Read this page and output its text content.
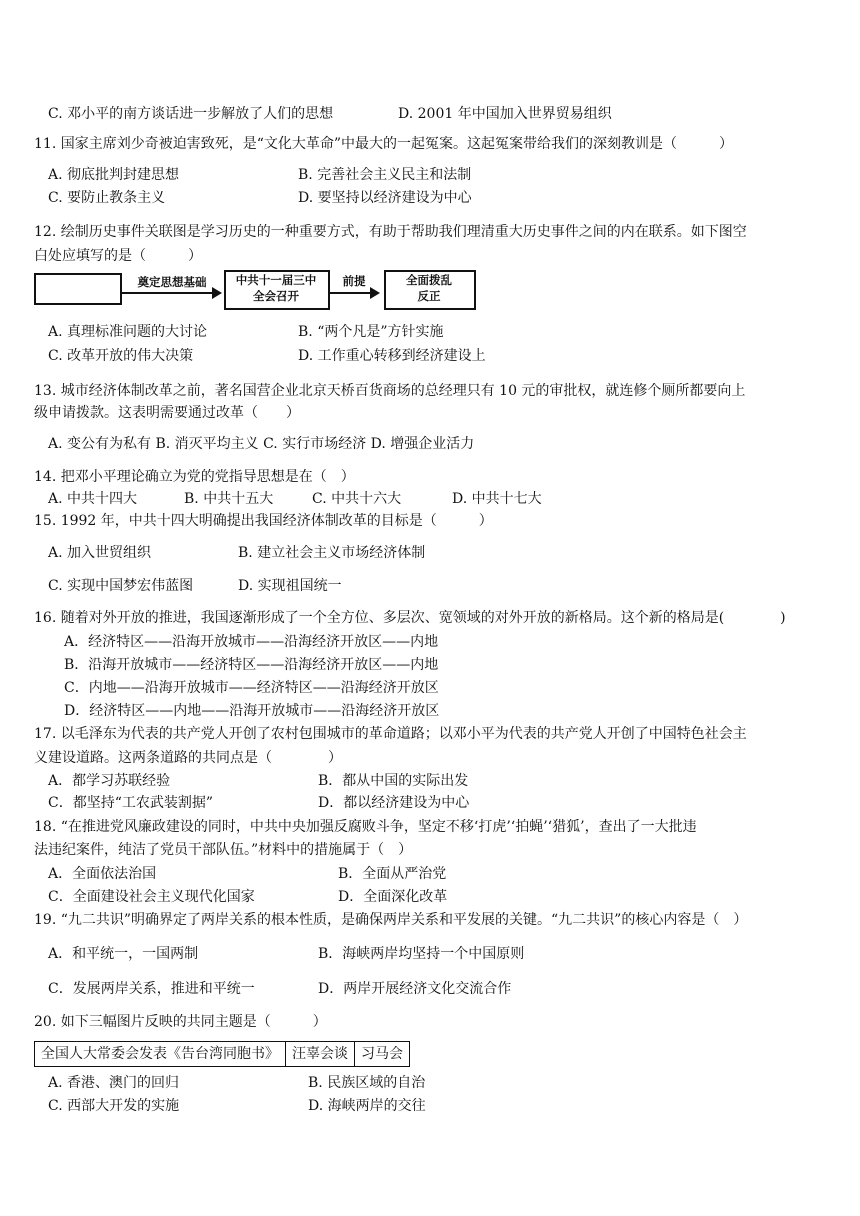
C. 邓小平的南方谈话进一步解放了人们的思想	D. 2001 年中国加入世界贸易组织
11. 国家主席刘少奇被迫害致死，是“文化大革命”中最大的一起冤案。这起冤案带给我们的深刻教训是（　　　）
A. 彻底批判封建思想	B. 完善社会主义民主和法制
C. 要防止教条主义	D. 要坚持以经济建设为中心
12. 绘制历史事件关联图是学习历史的一种重要方式，有助于帮助我们理清重大历史事件之间的内在联系。如下图空
白处应填写的是（　　　）
奠定思想基础	中共十一届三中
全会召开
前提	全面拨乱
反正
A. 真理标准问题的大讨论	B. “两个凡是”方针实施
C. 改革开放的伟大决策	D. 工作重心转移到经济建设上
13. 城市经济体制改革之前，著名国营企业北京天桥百货商场的总经理只有 10 元的审批权，就连修个厕所都要向上
级申请拨款。这表明需要通过改革（　　）
A. 变公有为私有 B. 消灭平均主义 C. 实行市场经济 D. 增强企业活力
14. 把邓小平理论确立为党的党指导思想是在（　）
A. 中共十四大	B. 中共十五大	C. 中共十六大	D. 中共十七大
15. 1992 年，中共十四大明确提出我国经济体制改革的目标是（　　　）
A. 加入世贸组织	B. 建立社会主义市场经济体制
C. 实现中国梦宏伟蓝图	D. 实现祖国统一
16. 随着对外开放的推进，我国逐渐形成了一个全方位、多层次、宽领域的对外开放的新格局。这个新的格局是(　　　　)
A．经济特区——沿海开放城市——沿海经济开放区——内地
B．沿海开放城市——经济特区——沿海经济开放区——内地
C．内地——沿海开放城市——经济特区——沿海经济开放区
D．经济特区——内地——沿海开放城市——沿海经济开放区
17. 以毛泽东为代表的共产党人开创了农村包围城市的革命道路；以邓小平为代表的共产党人开创了中国特色社会主
义建设道路。这两条道路的共同点是（　　　　）
A．都学习苏联经验	B．都从中国的实际出发
C．都坚持“工农武装割据”	D．都以经济建设为中心
18. “在推进党风廉政建设的同时，中共中央加强反腐败斗争，坚定不移‘打虎’‘拍蝇’‘猎狐’，查出了一大批违
法违纪案件，纯洁了党员干部队伍。”材料中的措施属于（　）
A．全面依法治国	B．全面从严治党
C．全面建设社会主义现代化国家	D．全面深化改革
19. “九二共识”明确界定了两岸关系的根本性质，是确保两岸关系和平发展的关键。“九二共识”的核心内容是（　）
A．和平统一，一国两制	B．海峡两岸均坚持一个中国原则
C．发展两岸关系，推进和平统一	D．两岸开展经济文化交流合作
20. 如下三幅图片反映的共同主题是（　　　）
全国人大常委会发表《告台湾同胞书》	汪辜会谈	习马会
A. 香港、澳门的回归	B. 民族区域的自治
C. 西部大开发的实施	D. 海峡两岸的交往
